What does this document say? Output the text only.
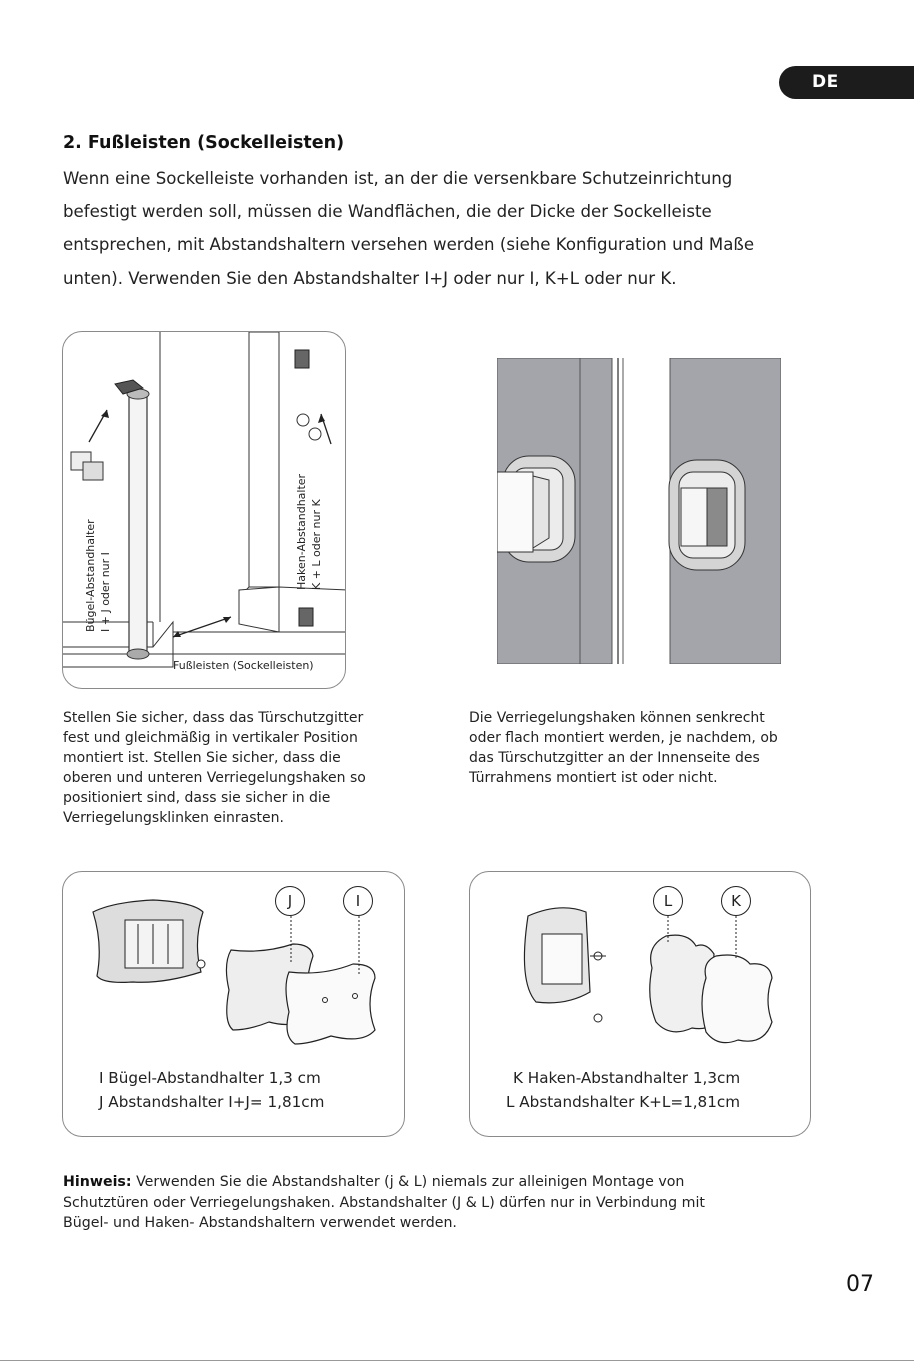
DE
2. Fußleisten (Sockelleisten)
Wenn eine Sockelleiste vorhanden ist, an der die versenkbare Schutzeinrichtung
befestigt werden soll, müssen die Wandflächen, die der Dicke der Sockelleiste
entsprechen, mit Abstandshaltern versehen werden (siehe Konfiguration und Maße
unten). Verwenden Sie den Abstandshalter I+J oder nur I, K+L oder nur K.
Bügel-Abstandhalter I + J oder nur I
Haken-Abstandhalter K + L oder nur K
Fußleisten (Sockelleisten)
Stellen Sie sicher, dass das Türschutzgitter
fest und gleichmäßig in vertikaler Position
montiert ist. Stellen Sie sicher, dass die
oberen und unteren Verriegelungshaken so
positioniert sind, dass sie sicher in die
Verriegelungsklinken einrasten.
Die Verriegelungshaken können senkrecht
oder flach montiert werden, je nachdem, ob
das Türschutzgitter an der Innenseite des
Türrahmens montiert ist oder nicht.
J	I
I Bügel-Abstandhalter 1,3 cm
J Abstandshalter I+J= 1,81cm
L	K
K Haken-Abstandhalter 1,3cm
L Abstandshalter K+L=1,81cm
Hinweis: Verwenden Sie die Abstandshalter (j & L) niemals zur alleinigen Montage von
Schutztüren oder Verriegelungshaken. Abstandshalter (J & L) dürfen nur in Verbindung mit
Bügel- und Haken- Abstandshaltern verwendet werden.
07
